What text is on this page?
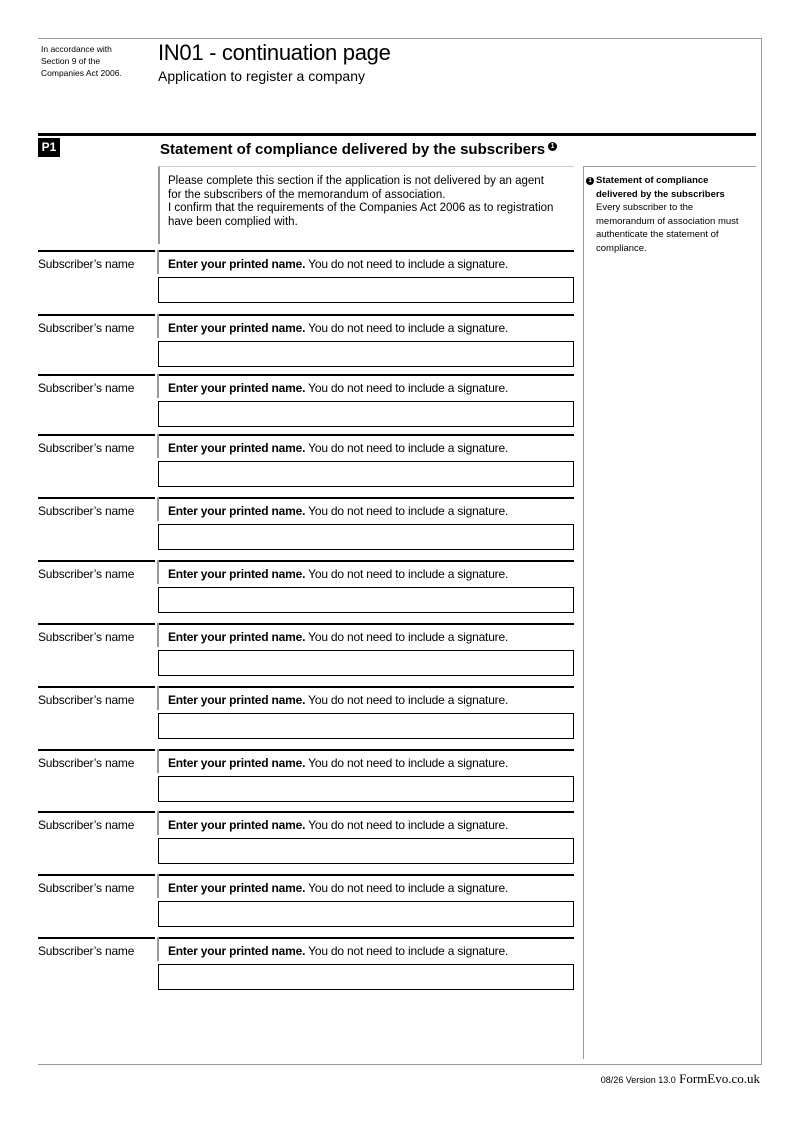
In accordance with
Section 9 of the
Companies Act 2006.
IN01 - continuation page
Application to register a company
P1	Statement of compliance delivered by the subscribers 1
Please complete this section if the application is not delivered by an agent
for the subscribers of the memorandum of association.
I confirm that the requirements of the Companies Act 2006 as to registration
have been complied with.
1 Statement of compliance
delivered by the subscribers
Every subscriber to the
memorandum of association must
authenticate the statement of
compliance.
Subscriber’s name	Enter your printed name. You do not need to include a signature.
Subscriber’s name	Enter your printed name. You do not need to include a signature.
Subscriber’s name	Enter your printed name. You do not need to include a signature.
Subscriber’s name	Enter your printed name. You do not need to include a signature.
Subscriber’s name	Enter your printed name. You do not need to include a signature.
Subscriber’s name	Enter your printed name. You do not need to include a signature.
Subscriber’s name	Enter your printed name. You do not need to include a signature.
Subscriber’s name	Enter your printed name. You do not need to include a signature.
Subscriber’s name	Enter your printed name. You do not need to include a signature.
Subscriber’s name	Enter your printed name. You do not need to include a signature.
Subscriber’s name	Enter your printed name. You do not need to include a signature.
Subscriber’s name	Enter your printed name. You do not need to include a signature.
08/26 Version 13.0 FormEvo.co.uk
